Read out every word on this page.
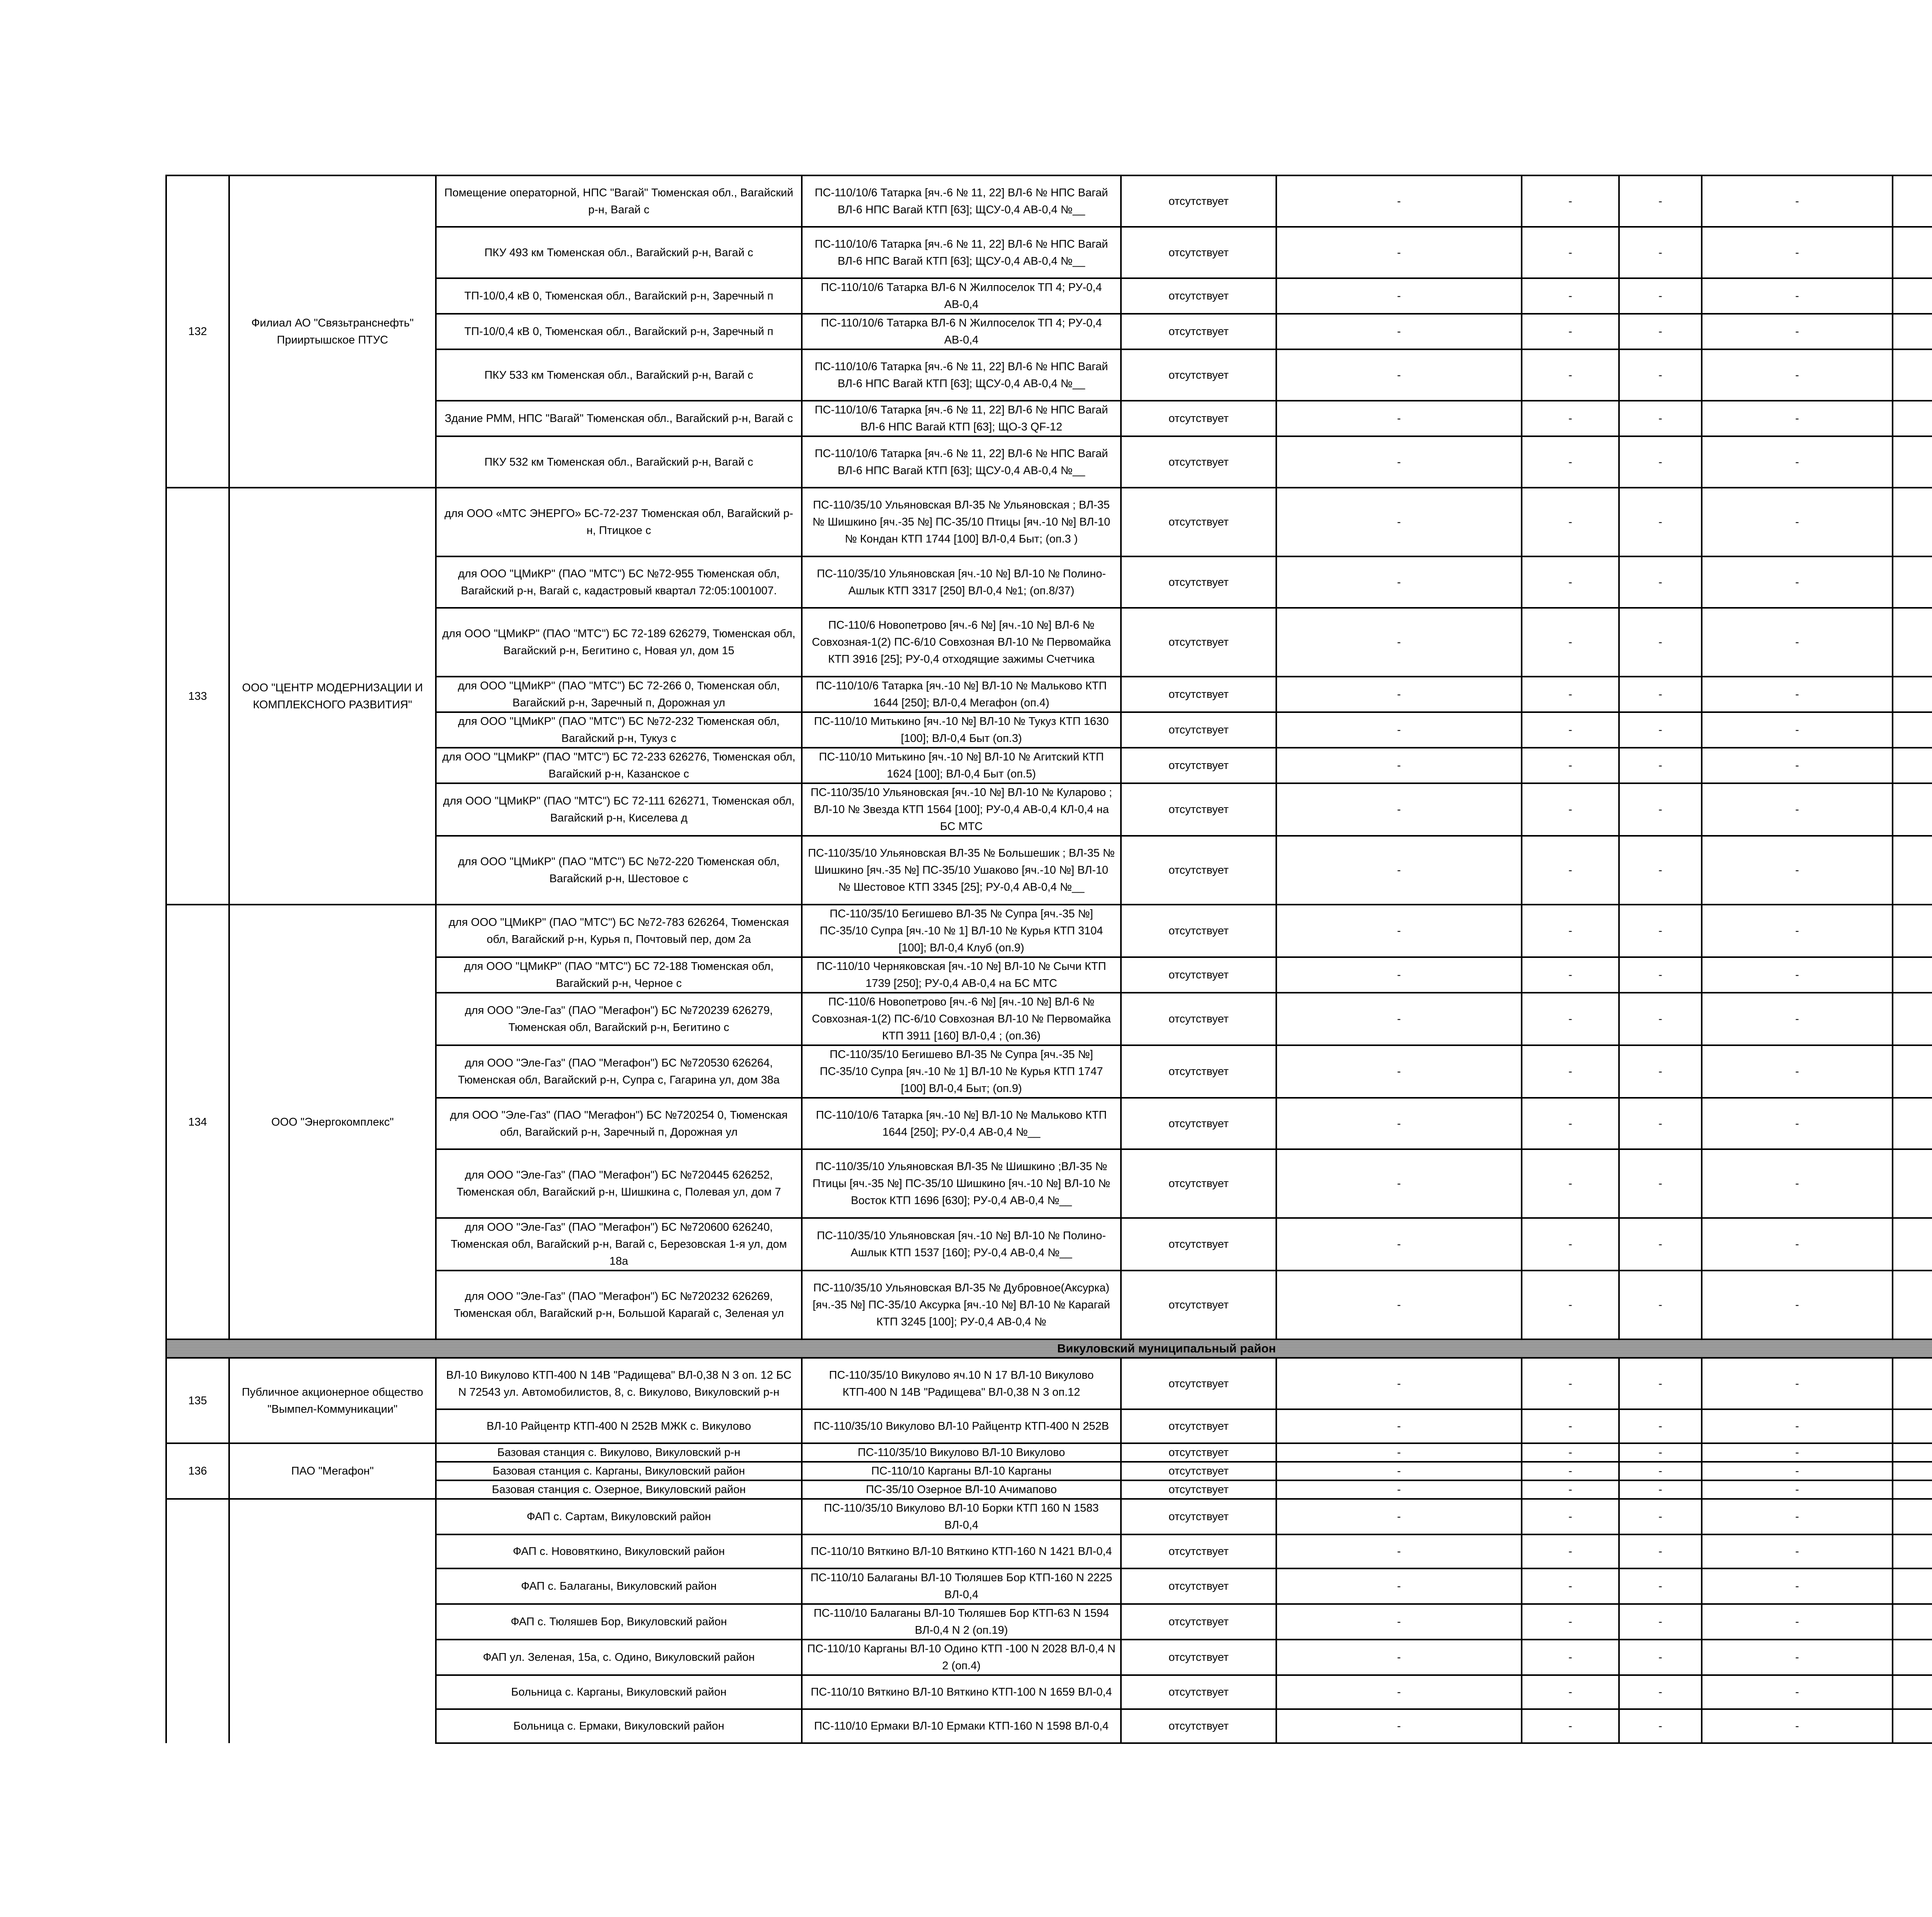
132	Филиал АО "Связьтранснефть" Прииртышское ПТУС	Помещение операторной, НПС "Вагай" Тюменская обл., Вагайский р-н, Вагай с	ПС-110/10/6 Татарка [яч.-6 № 11, 22] ВЛ-6 № НПС Вагай ВЛ-6 НПС Вагай КТП [63]; ЩСУ-0,4 АВ-0,4 №__	отсутствует	-	-	-	-		
		ПКУ 493 км Тюменская обл., Вагайский р-н, Вагай с	ПС-110/10/6 Татарка [яч.-6 № 11, 22] ВЛ-6 № НПС Вагай ВЛ-6 НПС Вагай КТП [63]; ЩСУ-0,4 АВ-0,4 №__	отсутствует	-	-	-	-		
		ТП-10/0,4 кВ 0, Тюменская обл., Вагайский р-н, Заречный п	ПС-110/10/6 Татарка ВЛ-6 N Жилпоселок ТП 4; РУ-0,4 АВ-0,4	отсутствует	-	-	-	-		
		ТП-10/0,4 кВ 0, Тюменская обл., Вагайский р-н, Заречный п	ПС-110/10/6 Татарка ВЛ-6 N Жилпоселок ТП 4; РУ-0,4 АВ-0,4	отсутствует	-	-	-	-		
		ПКУ 533 км Тюменская обл., Вагайский р-н, Вагай с	ПС-110/10/6 Татарка [яч.-6 № 11, 22] ВЛ-6 № НПС Вагай ВЛ-6 НПС Вагай КТП [63]; ЩСУ-0,4 АВ-0,4 №__	отсутствует	-	-	-	-		
		Здание РММ, НПС "Вагай" Тюменская обл., Вагайский р-н, Вагай с	ПС-110/10/6 Татарка [яч.-6 № 11, 22] ВЛ-6 № НПС Вагай ВЛ-6 НПС Вагай КТП [63]; ЩО-3 QF-12	отсутствует	-	-	-	-		
		ПКУ 532 км Тюменская обл., Вагайский р-н, Вагай с	ПС-110/10/6 Татарка [яч.-6 № 11, 22] ВЛ-6 № НПС Вагай ВЛ-6 НПС Вагай КТП [63]; ЩСУ-0,4 АВ-0,4 №__	отсутствует	-	-	-	-		
133	ООО "ЦЕНТР МОДЕРНИЗАЦИИ И КОМПЛЕКСНОГО РАЗВИТИЯ"	для ООО «МТС ЭНЕРГО» БС-72-237 Тюменская обл, Вагайский р-н, Птицкое с	ПС-110/35/10 Ульяновская ВЛ-35 № Ульяновская ; ВЛ-35 № Шишкино [яч.-35 №] ПС-35/10 Птицы [яч.-10 №] ВЛ-10 № Кондан КТП 1744 [100] ВЛ-0,4 Быт; (оп.3 )	отсутствует	-	-	-	-		
		для ООО "ЦМиКР" (ПАО "МТС") БС №72-955 Тюменская обл, Вагайский р-н, Вагай с, кадастровый квартал 72:05:1001007.	ПС-110/35/10 Ульяновская [яч.-10 №] ВЛ-10 № Полино-Ашлык КТП 3317 [250] ВЛ-0,4 №1; (оп.8/37)	отсутствует	-	-	-	-		
		для ООО "ЦМиКР" (ПАО "МТС") БС 72-189 626279, Тюменская обл, Вагайский р-н, Бегитино с, Новая ул, дом 15	ПС-110/6 Новопетрово [яч.-6 №] [яч.-10 №] ВЛ-6 № Совхозная-1(2) ПС-6/10 Совхозная ВЛ-10 № Первомайка КТП 3916 [25]; РУ-0,4 отходящие зажимы Счетчика	отсутствует	-	-	-	-		
		для ООО "ЦМиКР" (ПАО "МТС") БС 72-266 0, Тюменская обл, Вагайский р-н, Заречный п, Дорожная ул	ПС-110/10/6 Татарка [яч.-10 №] ВЛ-10 № Мальково КТП 1644 [250]; ВЛ-0,4 Мегафон (оп.4)	отсутствует	-	-	-	-		
		для ООО "ЦМиКР" (ПАО "МТС") БС №72-232 Тюменская обл, Вагайский р-н, Тукуз с	ПС-110/10 Митькино [яч.-10 №] ВЛ-10 № Тукуз КТП 1630 [100]; ВЛ-0,4 Быт (оп.3)	отсутствует	-	-	-	-		
		для ООО "ЦМиКР" (ПАО "МТС") БС 72-233 626276, Тюменская обл, Вагайский р-н, Казанское с	ПС-110/10 Митькино [яч.-10 №] ВЛ-10 № Агитский КТП 1624 [100]; ВЛ-0,4 Быт (оп.5)	отсутствует	-	-	-	-		
		для ООО "ЦМиКР" (ПАО "МТС") БС 72-111 626271, Тюменская обл, Вагайский р-н, Киселева д	ПС-110/35/10 Ульяновская [яч.-10 №] ВЛ-10 № Куларово ; ВЛ-10 № Звезда КТП 1564 [100]; РУ-0,4 АВ-0,4 КЛ-0,4 на БС МТС	отсутствует	-	-	-	-		
		для ООО "ЦМиКР" (ПАО "МТС") БС №72-220 Тюменская обл, Вагайский р-н, Шестовое с	ПС-110/35/10 Ульяновская ВЛ-35 № Большешик ; ВЛ-35 № Шишкино [яч.-35 №] ПС-35/10 Ушаково [яч.-10 №] ВЛ-10 № Шестовое КТП 3345 [25]; РУ-0,4 АВ-0,4 №__	отсутствует	-	-	-	-		
134	ООО "Энергокомплекс"	для ООО "ЦМиКР" (ПАО "МТС") БС №72-783 626264, Тюменская обл, Вагайский р-н, Курья п, Почтовый пер, дом 2а	ПС-110/35/10 Бегишево ВЛ-35 № Супра [яч.-35 №] ПС-35/10 Супра [яч.-10 № 1] ВЛ-10 № Курья КТП 3104 [100]; ВЛ-0,4 Клуб (оп.9)	отсутствует	-	-	-	-		
		для ООО "ЦМиКР" (ПАО "МТС") БС 72-188 Тюменская обл, Вагайский р-н, Черное с	ПС-110/10 Черняковская [яч.-10 №] ВЛ-10 № Сычи КТП 1739 [250]; РУ-0,4 АВ-0,4 на БС МТС	отсутствует	-	-	-	-		
		для ООО "Эле-Газ" (ПАО "Мегафон") БС №720239 626279, Тюменская обл, Вагайский р-н, Бегитино с	ПС-110/6 Новопетрово [яч.-6 №] [яч.-10 №] ВЛ-6 № Совхозная-1(2) ПС-6/10 Совхозная ВЛ-10 № Первомайка КТП 3911 [160] ВЛ-0,4 ; (оп.36)	отсутствует	-	-	-	-		
		для ООО "Эле-Газ" (ПАО "Мегафон") БС №720530 626264, Тюменская обл, Вагайский р-н, Супра с, Гагарина ул, дом 38а	ПС-110/35/10 Бегишево ВЛ-35 № Супра [яч.-35 №] ПС-35/10 Супра [яч.-10 № 1] ВЛ-10 № Курья КТП 1747 [100] ВЛ-0,4 Быт; (оп.9)	отсутствует	-	-	-	-		
		для ООО "Эле-Газ" (ПАО "Мегафон") БС №720254 0, Тюменская обл, Вагайский р-н, Заречный п, Дорожная ул	ПС-110/10/6 Татарка [яч.-10 №] ВЛ-10 № Мальково КТП 1644 [250]; РУ-0,4 АВ-0,4 №__	отсутствует	-	-	-	-		
		для ООО "Эле-Газ" (ПАО "Мегафон") БС №720445 626252, Тюменская обл, Вагайский р-н, Шишкина с, Полевая ул, дом 7	ПС-110/35/10 Ульяновская ВЛ-35 № Шишкино ;ВЛ-35 № Птицы [яч.-35 №] ПС-35/10 Шишкино [яч.-10 №] ВЛ-10 № Восток КТП 1696 [630]; РУ-0,4 АВ-0,4 №__	отсутствует	-	-	-	-		
		для ООО "Эле-Газ" (ПАО "Мегафон") БС №720600 626240, Тюменская обл, Вагайский р-н, Вагай с, Березовская 1-я ул, дом 18а	ПС-110/35/10 Ульяновская [яч.-10 №] ВЛ-10 № Полино-Ашлык КТП 1537 [160]; РУ-0,4 АВ-0,4 №__	отсутствует	-	-	-	-		
		для ООО "Эле-Газ" (ПАО "Мегафон") БС №720232 626269, Тюменская обл, Вагайский р-н, Большой Карагай с, Зеленая ул	ПС-110/35/10 Ульяновская ВЛ-35 № Дубровное(Аксурка) [яч.-35 №] ПС-35/10 Аксурка [яч.-10 №] ВЛ-10 № Карагай КТП 3245 [100]; РУ-0,4 АВ-0,4 №	отсутствует	-	-	-	-		
Викуловский муниципальный район										
135	Публичное акционерное общество "Вымпел-Коммуникации"	ВЛ-10 Викулово КТП-400 N 14В "Радищева" ВЛ-0,38 N 3 оп. 12 БС N 72543 ул. Автомобилистов, 8, с. Викулово, Викуловский р-н	ПС-110/35/10 Викулово яч.10 N 17 ВЛ-10 Викулово КТП-400 N 14В "Радищева" ВЛ-0,38 N 3 оп.12	отсутствует	-	-	-	-		
		ВЛ-10 Райцентр КТП-400 N 252В МЖК с. Викулово	ПС-110/35/10 Викулово ВЛ-10 Райцентр КТП-400 N 252В	отсутствует	-	-	-	-		
136	ПАО "Мегафон"	Базовая станция с. Викулово, Викуловский р-н	ПС-110/35/10 Викулово ВЛ-10 Викулово	отсутствует	-	-	-	-		
		Базовая станция с. Карганы, Викуловский район	ПС-110/10 Карганы ВЛ-10 Карганы	отсутствует	-	-	-	-		
		Базовая станция с. Озерное, Викуловский район	ПС-35/10 Озерное ВЛ-10 Ачимапово	отсутствует	-	-	-	-		
		ФАП с. Сартам, Викуловский район	ПС-110/35/10 Викулово ВЛ-10 Борки КТП 160 N 1583 ВЛ-0,4	отсутствует	-	-	-	-		
		ФАП с. Нововяткино, Викуловский район	ПС-110/10 Вяткино ВЛ-10 Вяткино КТП-160 N 1421 ВЛ-0,4	отсутствует	-	-	-	-		
		ФАП с. Балаганы, Викуловский район	ПС-110/10 Балаганы ВЛ-10 Тюляшев Бор КТП-160 N 2225 ВЛ-0,4	отсутствует	-	-	-	-		
		ФАП с. Тюляшев Бор, Викуловский район	ПС-110/10 Балаганы ВЛ-10 Тюляшев Бор КТП-63 N 1594 ВЛ-0,4 N 2 (оп.19)	отсутствует	-	-	-	-		
		ФАП ул. Зеленая, 15а, с. Одино, Викуловский район	ПС-110/10 Карганы ВЛ-10 Одино КТП -100 N 2028 ВЛ-0,4 N 2 (оп.4)	отсутствует	-	-	-	-		
		Больница с. Карганы, Викуловский район	ПС-110/10 Вяткино ВЛ-10 Вяткино КТП-100 N 1659 ВЛ-0,4	отсутствует	-	-	-	-		
		Больница с. Ермаки, Викуловский район	ПС-110/10 Ермаки ВЛ-10 Ермаки КТП-160 N 1598 ВЛ-0,4	отсутствует	-	-	-	-		
